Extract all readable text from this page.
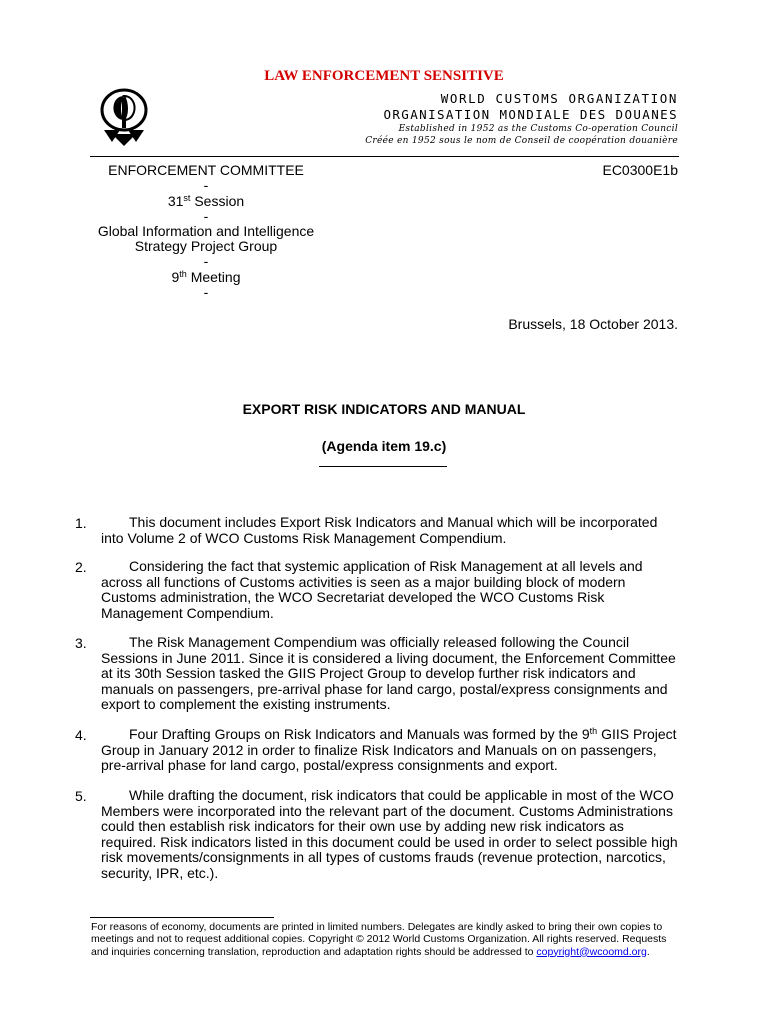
LAW ENFORCEMENT SENSITIVE
WORLD CUSTOMS ORGANIZATION
ORGANISATION MONDIALE DES DOUANES
Established in 1952 as the Customs Co-operation Council
Créée en 1952 sous le nom de Conseil de coopération douanière
ENFORCEMENT COMMITTEE	EC0300E1b
-
31st Session
-
Global Information and Intelligence
Strategy Project Group
-
9th Meeting
-
Brussels, 18 October 2013.
EXPORT RISK INDICATORS AND MANUAL
(Agenda item 19.c)
1.	This document includes Export Risk Indicators and Manual which will be incorporated into Volume 2 of WCO Customs Risk Management Compendium.
2.	Considering the fact that systemic application of Risk Management at all levels and across all functions of Customs activities is seen as a major building block of modern Customs administration, the WCO Secretariat developed the WCO Customs Risk Management Compendium.
3.	The Risk Management Compendium was officially released following the Council Sessions in June 2011. Since it is considered a living document, the Enforcement Committee at its 30th Session tasked the GIIS Project Group to develop further risk indicators and manuals on passengers, pre-arrival phase for land cargo, postal/express consignments and export to complement the existing instruments.
4.	Four Drafting Groups on Risk Indicators and Manuals was formed by the 9th GIIS Project Group in January 2012 in order to finalize Risk Indicators and Manuals on on passengers, pre-arrival phase for land cargo, postal/express consignments and export.
5.	While drafting the document, risk indicators that could be applicable in most of the WCO Members were incorporated into the relevant part of the document. Customs Administrations could then establish risk indicators for their own use by adding new risk indicators as required. Risk indicators listed in this document could be used in order to select possible high risk movements/consignments in all types of customs frauds (revenue protection, narcotics, security, IPR, etc.).
For reasons of economy, documents are printed in limited numbers. Delegates are kindly asked to bring their own copies to meetings and not to request additional copies. Copyright © 2012 World Customs Organization. All rights reserved. Requests and inquiries concerning translation, reproduction and adaptation rights should be addressed to copyright@wcoomd.org.
